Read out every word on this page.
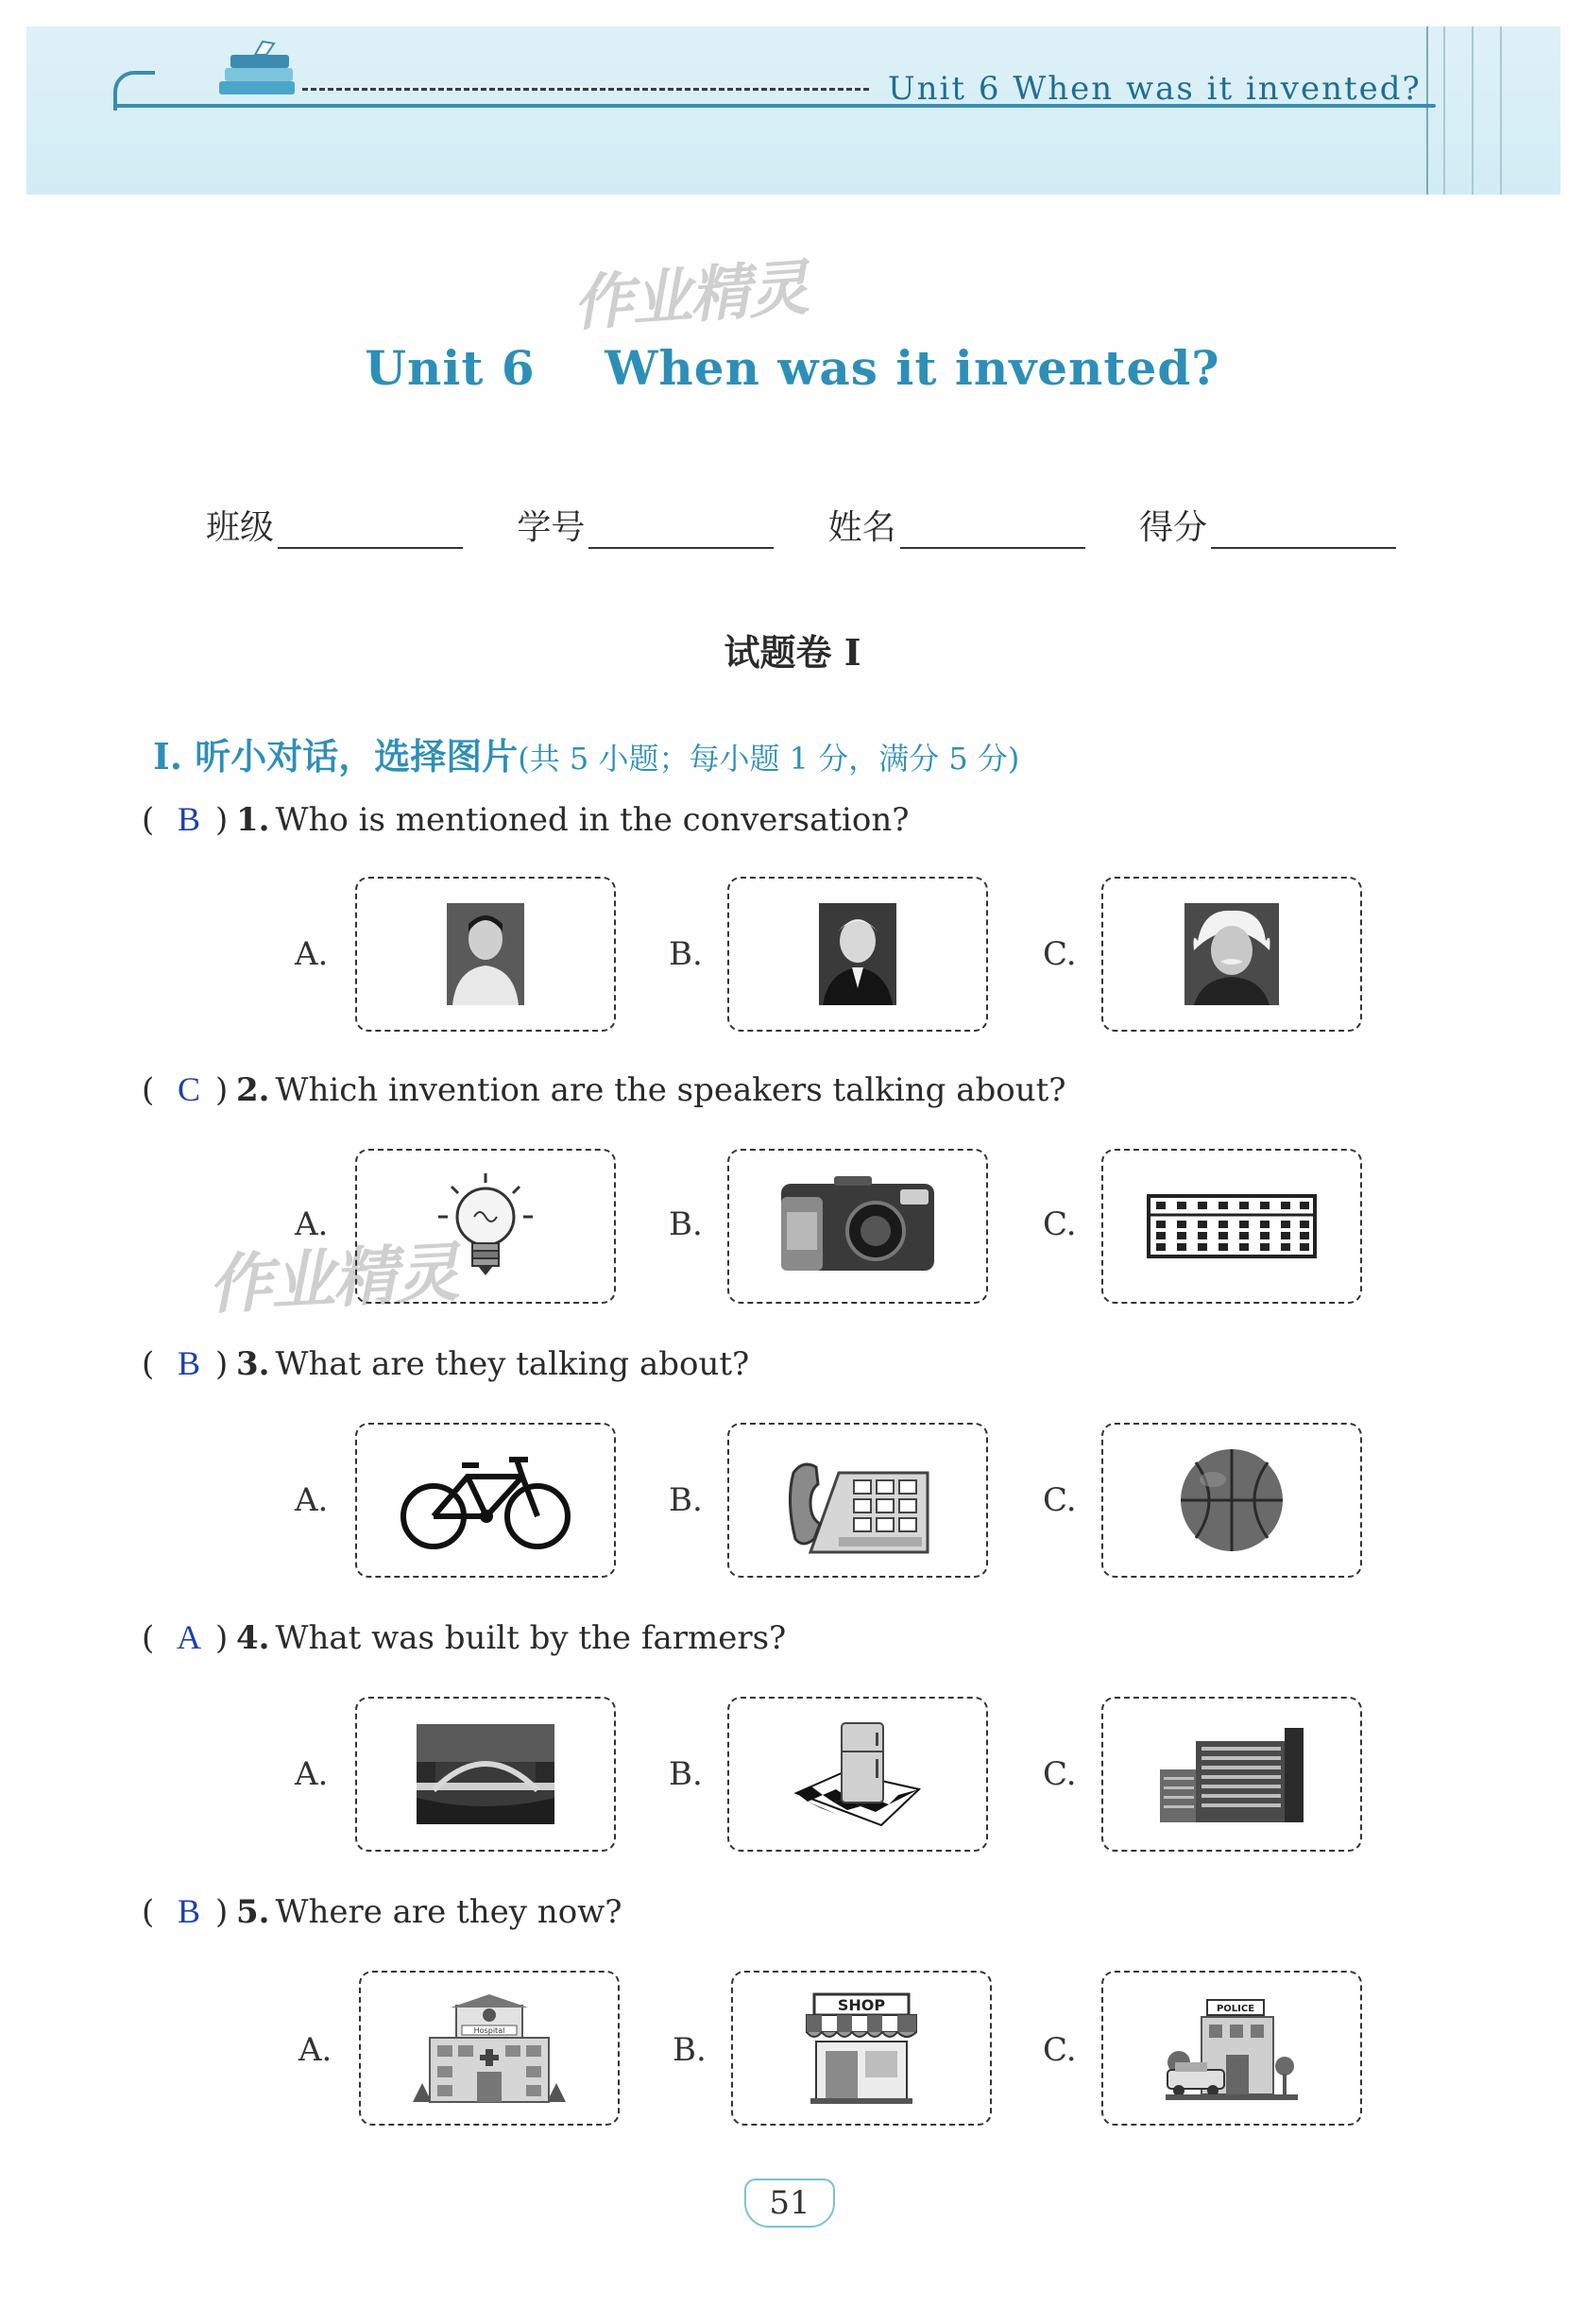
Unit 6 When was it invented?
作业精灵
作业精灵
Unit 6    When was it invented?
班级	学号	姓名	得分
试题卷 I
Ⅰ. 听小对话，选择图片(共 5 小题；每小题 1 分，满分 5 分)
( B ) 1. Who is mentioned in the conversation?
A.	B.	C.
( C ) 2. Which invention are the speakers talking about?
A.	B.	C.
( B ) 3. What are they talking about?
A.	B.	C.
( A ) 4. What was built by the farmers?
A.	B.	C.
( B ) 5. Where are they now?
A.
Hospital
B.
SHOP
C.
POLICE
51
